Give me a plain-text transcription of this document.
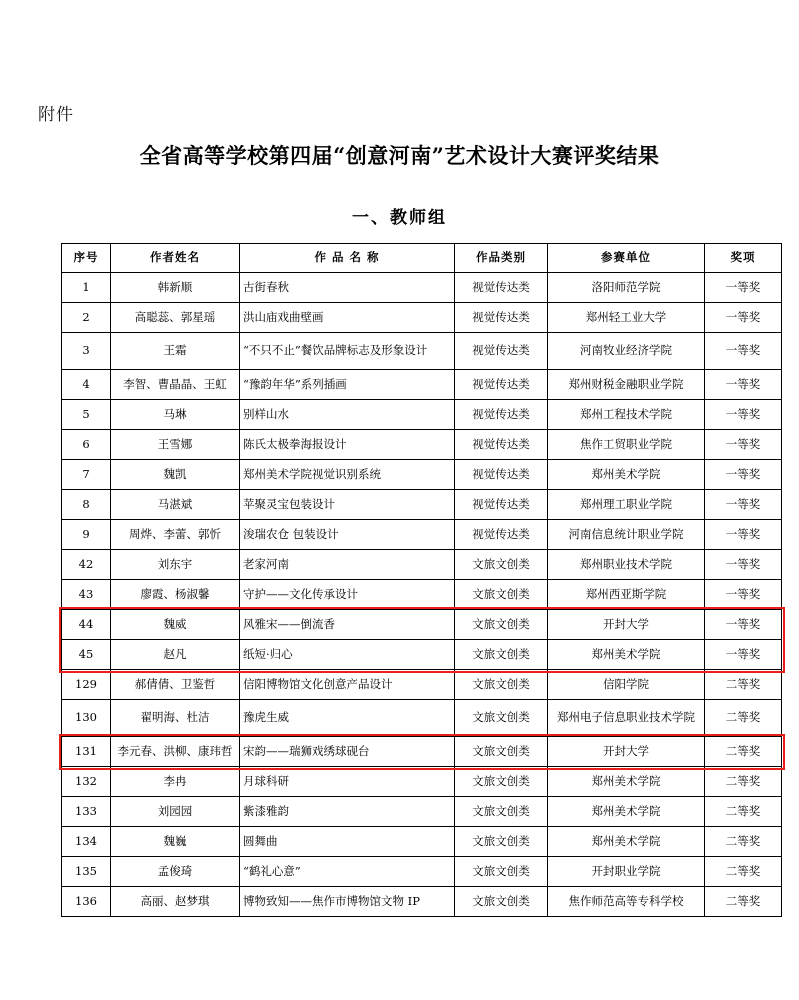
附件
全省高等学校第四届“创意河南”艺术设计大赛评奖结果
一、教师组
序号	作者姓名	作 品 名 称	作品类别	参赛单位	奖项
1	韩新顺	古街春秋	视觉传达类	洛阳师范学院	一等奖
2	高聪蕊、郭星瑶	洪山庙戏曲壁画	视觉传达类	郑州轻工业大学	一等奖
3	王霜	“不只不止”餐饮品牌标志及形象设计	视觉传达类	河南牧业经济学院	一等奖
4	李智、曹晶晶、王虹	“豫韵年华”系列插画	视觉传达类	郑州财税金融职业学院	一等奖
5	马琳	别样山水	视觉传达类	郑州工程技术学院	一等奖
6	王雪娜	陈氏太极拳海报设计	视觉传达类	焦作工贸职业学院	一等奖
7	魏凯	郑州美术学院视觉识别系统	视觉传达类	郑州美术学院	一等奖
8	马湛斌	苹聚灵宝包装设计	视觉传达类	郑州理工职业学院	一等奖
9	周烨、李蕾、郭忻	浚瑞农仓 包装设计	视觉传达类	河南信息统计职业学院	一等奖
42	刘东宇	老家河南	文旅文创类	郑州职业技术学院	一等奖
43	廖霞、杨淑馨	守护——文化传承设计	文旅文创类	郑州西亚斯学院	一等奖
44	魏威	风雅宋——倒流香	文旅文创类	开封大学	一等奖
45	赵凡	纸短·归心	文旅文创类	郑州美术学院	一等奖
129	郝倩倩、卫鉴哲	信阳博物馆文化创意产品设计	文旅文创类	信阳学院	二等奖
130	翟明海、杜洁	豫虎生威	文旅文创类	郑州电子信息职业技术学院	二等奖
131	李元春、洪柳、康玮哲	宋韵——瑞狮戏绣球砚台	文旅文创类	开封大学	二等奖
132	李冉	月球科研	文旅文创类	郑州美术学院	二等奖
133	刘园园	紫漆雅韵	文旅文创类	郑州美术学院	二等奖
134	魏巍	圆舞曲	文旅文创类	郑州美术学院	二等奖
135	孟俊琦	“鹤礼心意”	文旅文创类	开封职业学院	二等奖
136	高丽、赵梦琪	博物致知——焦作市博物馆文物 IP	文旅文创类	焦作师范高等专科学校	二等奖
